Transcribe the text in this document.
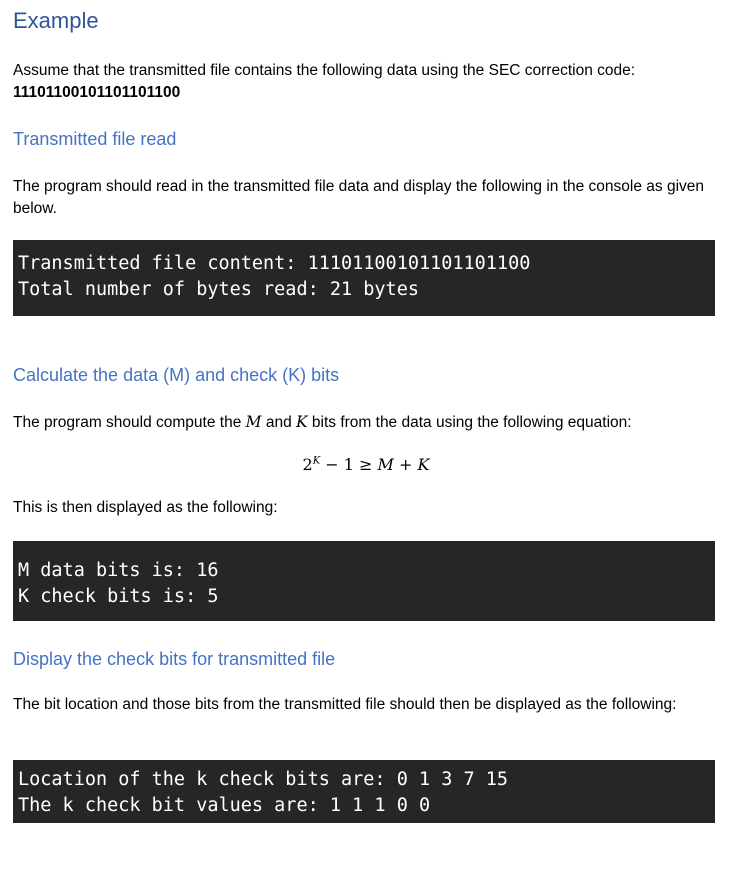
Example
Assume that the transmitted file contains the following data using the SEC correction code:
11101100101101101100
Transmitted file read
The program should read in the transmitted file data and display the following in the console as given below.
Transmitted file content: 11101100101101101100
Total number of bytes read: 21 bytes
Calculate the data (M) and check (K) bits
The program should compute the M and K bits from the data using the following equation:
$2^K - 1 \ge M + K$
This is then displayed as the following:
M data bits is: 16
K check bits is: 5
Display the check bits for transmitted file
The bit location and those bits from the transmitted file should then be displayed as the following:
Location of the k check bits are: 0 1 3 7 15
The k check bit values are: 1 1 1 0 0
